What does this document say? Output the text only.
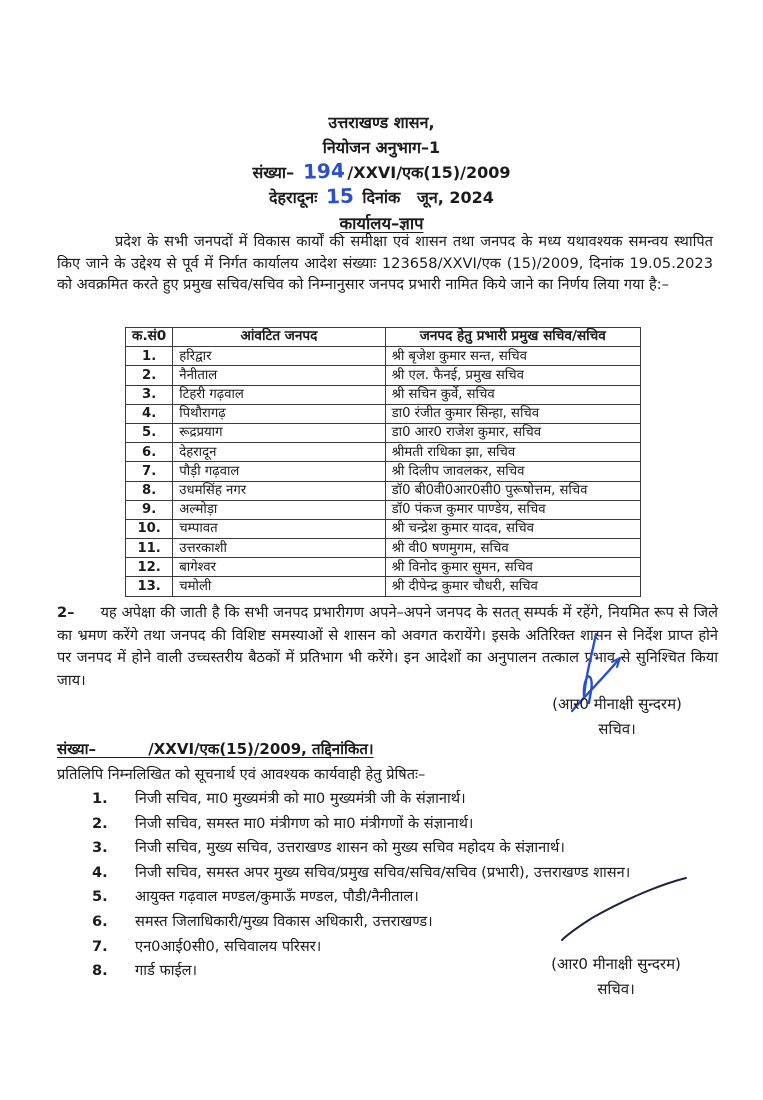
उत्तराखण्ड शासन,
नियोजन अनुभाग–1
संख्या– 194 /XXVI/एक(15)/2009
देहरादूनः 15 दिनांक   जून, 2024
कार्यालय–ज्ञाप

प्रदेश के सभी जनपदों में विकास कार्यों की समीक्षा एवं शासन तथा जनपद के मध्य यथावश्यक समन्वय स्थापित किए जाने के उद्देश्य से पूर्व में निर्गत कार्यालय आदेश संख्याः 123658/XXVI/एक (15)/2009, दिनांक 19.05.2023 को अवक्रमित करते हुए प्रमुख सचिव/सचिव को निम्नानुसार जनपद प्रभारी नामित किये जाने का निर्णय लिया गया है:–

क.सं0	आंवटित जनपद	जनपद हेतु प्रभारी प्रमुख सचिव/सचिव
1.	हरिद्वार	श्री बृजेश कुमार सन्त, सचिव
2.	नैनीताल	श्री एल. फैनई, प्रमुख सचिव
3.	टिहरी गढ़वाल	श्री सचिन कुर्वे, सचिव
4.	पिथौरागढ़	डा0 रंजीत कुमार सिन्हा, सचिव
5.	रूद्रप्रयाग	डा0 आर0 राजेश कुमार, सचिव
6.	देहरादून	श्रीमती राधिका झा, सचिव
7.	पौड़ी गढ़वाल	श्री दिलीप जावलकर, सचिव
8.	उधमसिंह नगर	डॉ0 बी0वी0आर0सी0 पुरूषोत्तम, सचिव
9.	अल्मोड़ा	डॉ0 पंकज कुमार पाण्डेय, सचिव
10.	चम्पावत	श्री चन्द्रेश कुमार यादव, सचिव
11.	उत्तरकाशी	श्री वी0 षणमुगम, सचिव
12.	बागेश्वर	श्री विनोद कुमार सुमन, सचिव
13.	चमोली	श्री दीपेन्द्र कुमार चौधरी, सचिव

2– यह अपेक्षा की जाती है कि सभी जनपद प्रभारीगण अपने–अपने जनपद के सतत् सम्पर्क में रहेंगे, नियमित रूप से जिले का भ्रमण करेंगे तथा जनपद की विशिष्ट समस्याओं से शासन को अवगत करायेंगे। इसके अतिरिक्त शासन से निर्देश प्राप्त होने पर जनपद में होने वाली उच्चस्तरीय बैठकों में प्रतिभाग भी करेंगे। इन आदेशों का अनुपालन तत्काल प्रभाव से सुनिश्चित किया जाय।

(आर0 मीनाक्षी सुन्दरम)
सचिव।
संख्या–          /XXVI/एक(15)/2009, तद्दिनांकित।
प्रतिलिपि निम्नलिखित को सूचनार्थ एवं आवश्यक कार्यवाही हेतु प्रेषितः–
1.	निजी सचिव, मा0 मुख्यमंत्री को मा0 मुख्यमंत्री जी के संज्ञानार्थ।
2.	निजी सचिव, समस्त मा0 मंत्रीगण को मा0 मंत्रीगणों के संज्ञानार्थ।
3.	निजी सचिव, मुख्य सचिव, उत्तराखण्ड शासन को मुख्य सचिव महोदय के संज्ञानार्थ।
4.	निजी सचिव, समस्त अपर मुख्य सचिव/प्रमुख सचिव/सचिव/सचिव (प्रभारी), उत्तराखण्ड शासन।
5.	आयुक्त गढ़वाल मण्डल/कुमाऊँ मण्डल, पौडी/नैनीताल।
6.	समस्त जिलाधिकारी/मुख्य विकास अधिकारी, उत्तराखण्ड।
7.	एन0आई0सी0, सचिवालय परिसर।
8.	गार्ड फाईल।	(आर0 मीनाक्षी सुन्दरम)
सचिव।
